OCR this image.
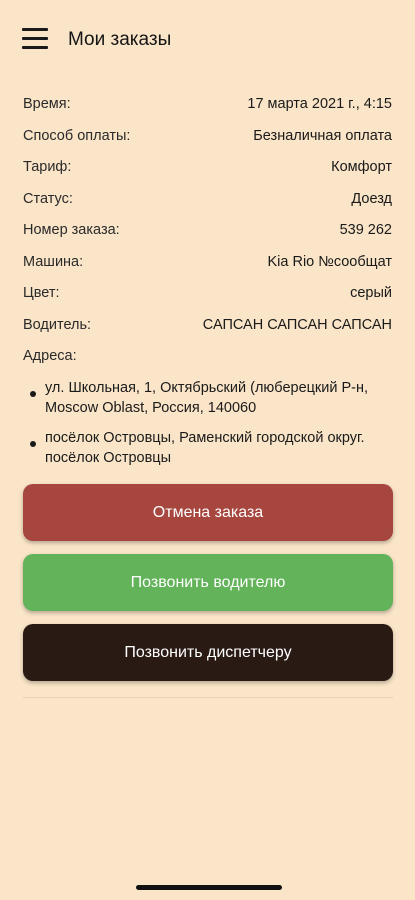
Мои заказы
Время:	17 марта 2021 г., 4:15
Способ оплаты:	Безналичная оплата
Тариф:	Комфорт
Статус:	Доезд
Номер заказа:	539 262
Машина:	Kia Rio №сообщат
Цвет:	серый
Водитель:	САПСАН САПСАН САПСАН
Адреса:
ул. Школьная, 1, Октябрьский (люберецкий Р-н, Moscow Oblast, Россия, 140060
посёлок Островцы, Раменский городской округ. посёлок Островцы
Отмена заказа
Позвонить водителю
Позвонить диспетчеру
